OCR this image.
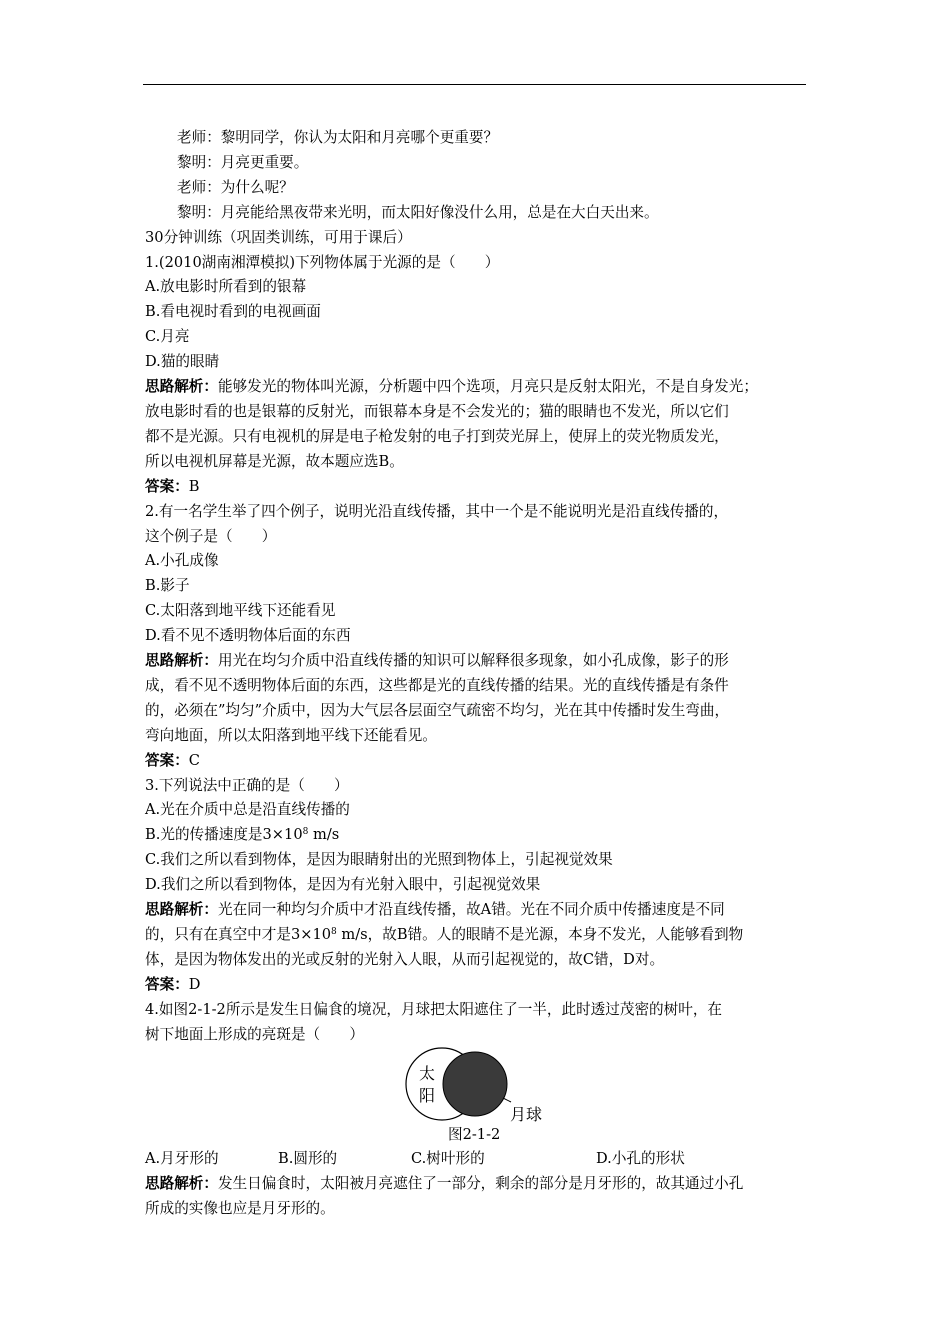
老师：黎明同学，你认为太阳和月亮哪个更重要？
黎明：月亮更重要。
老师：为什么呢？
黎明：月亮能给黑夜带来光明，而太阳好像没什么用，总是在大白天出来。
30分钟训练（巩固类训练，可用于课后）
1.(2010湖南湘潭模拟)下列物体属于光源的是（　　）
A.放电影时所看到的银幕
B.看电视时看到的电视画面
C.月亮
D.猫的眼睛
思路解析：能够发光的物体叫光源，分析题中四个选项，月亮只是反射太阳光，不是自身发光；
放电影时看的也是银幕的反射光，而银幕本身是不会发光的；猫的眼睛也不发光，所以它们
都不是光源。只有电视机的屏是电子枪发射的电子打到荧光屏上，使屏上的荧光物质发光，
所以电视机屏幕是光源，故本题应选B。
答案：B
2.有一名学生举了四个例子，说明光沿直线传播，其中一个是不能说明光是沿直线传播的，
这个例子是（　　）
A.小孔成像
B.影子
C.太阳落到地平线下还能看见
D.看不见不透明物体后面的东西
思路解析：用光在均匀介质中沿直线传播的知识可以解释很多现象，如小孔成像，影子的形
成，看不见不透明物体后面的东西，这些都是光的直线传播的结果。光的直线传播是有条件
的，必须在”均匀”介质中，因为大气层各层面空气疏密不均匀，光在其中传播时发生弯曲，
弯向地面，所以太阳落到地平线下还能看见。
答案：C
3.下列说法中正确的是（　　）
A.光在介质中总是沿直线传播的
B.光的传播速度是$3\times 10^8$ m/s
C.我们之所以看到物体，是因为眼睛射出的光照到物体上，引起视觉效果
D.我们之所以看到物体，是因为有光射入眼中，引起视觉效果
思路解析：光在同一种均匀介质中才沿直线传播，故A错。光在不同介质中传播速度是不同
的，只有在真空中才是$3\times 10^8$ m/s，故B错。人的眼睛不是光源，本身不发光，人能够看到物
体，是因为物体发出的光或反射的光射入人眼，从而引起视觉的，故C错，D对。
答案：D
4.如图2-1-2所示是发生日偏食的境况，月球把太阳遮住了一半，此时透过茂密的树叶，在
树下地面上形成的亮斑是（　　）
太
阳
月球
图2-1-2
A.月牙形的	B.圆形的	C.树叶形的	D.小孔的形状
思路解析：发生日偏食时，太阳被月亮遮住了一部分，剩余的部分是月牙形的，故其通过小孔
所成的实像也应是月牙形的。
